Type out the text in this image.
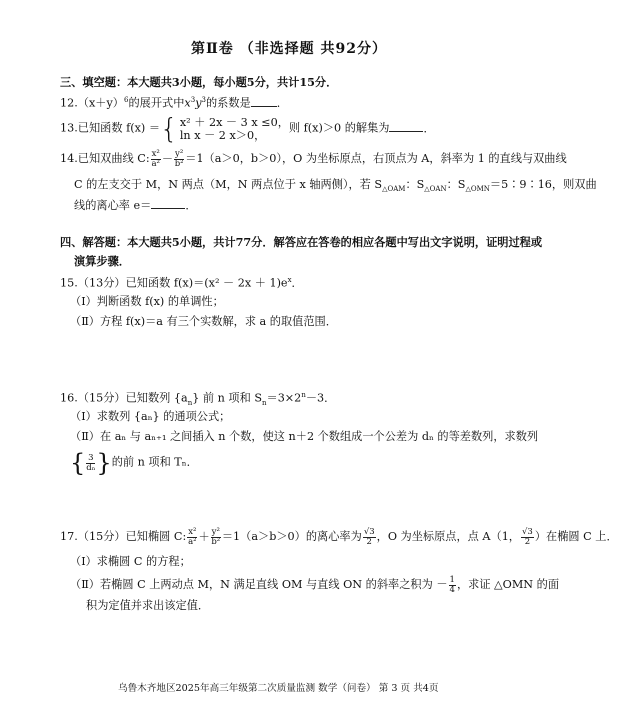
第Ⅱ卷 （非选择题 共92分）
三、填空题：本大题共3小题，每小题5分，共计15分．
$12.(x+y)^6$的展开式中$x^3y^3$的系数是 ．
13.已知函数 f(x) ＝{ x² ＋ 2x － 3 x ≤0，
ln x － 2 x＞0，
则 f(x)＞0 的解集为	．
14.已知双曲线 C: $\frac{\text{x²}}{\text{a²}} - \frac{\text{y²}}{\text{b²}} =1(a>0$，b＞0），O 为坐标原点，右顶点为 A，斜率为 1 的直线与双曲线
C 的左支交于 M，N 两点（M，N 两点位于 x 轴两侧），若 $S_{\triangle OAM}$：$S_{\triangle OAN}$：$S_{\triangle OMN}=5∶9∶16$，则双曲
线的离心率 e＝	．
四、解答题：本大题共5小题，共计77分．解答应在答卷的相应各题中写出文字说明，证明过程或
演算步骤．
15.（13分）已知函数 $f(x)=(x^2 - 2x + 1)e^x$．
（Ⅰ）判断函数 f(x) 的单调性；
（Ⅱ）方程 f(x)＝a 有三个实数解，求 a 的取值范围．
16.（15分）已知数列 $\{a_n\}$ 前 n 项和 $S_n=3\times 2^n-3$．
（Ⅰ）求数列 {aₙ} 的通项公式；
（Ⅱ）在 aₙ 与 aₙ₊₁ 之间插入 n 个数，使这 n＋2 个数组成一个公差为 dₙ 的等差数列，求数列
{ $\frac{3}{\text{dₙ}}$ }的前 n 项和 Tₙ．
17.（15分）已知椭圆 C: $\frac{\text{x²}}{\text{a²}} + \frac{\text{y²}}{\text{b²}} =1(a>b>0)$的离心率为 $\frac{√3}{2}$ ，O 为坐标原点，点 A（1， $\frac{√3}{2}$ ）在椭圆 C 上．
（Ⅰ）求椭圆 C 的方程；
（Ⅱ）若椭圆 C 上两动点 M，N 满足直线 OM 与直线 ON 的斜率之积为 － $\frac{1}{4}$ ，求证 △OMN 的面
积为定值并求出该定值．
乌鲁木齐地区2025年高三年级第二次质量监测 数学（问卷） 第 3 页 共4页
